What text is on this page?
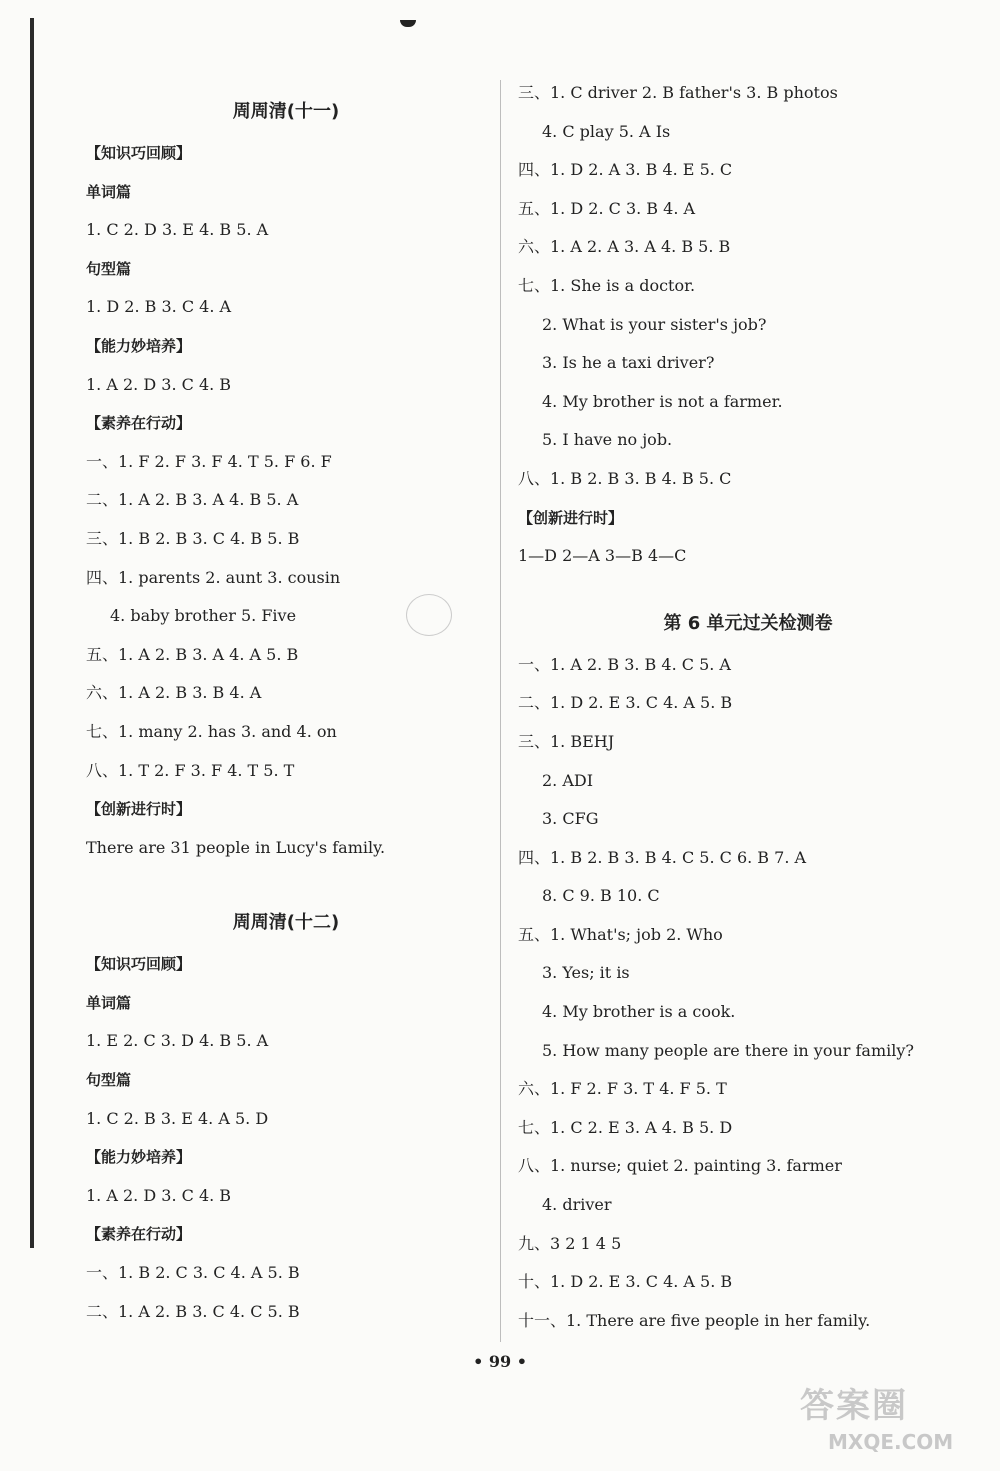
周周清(十一)
【知识巧回顾】
单词篇
1. C 2. D 3. E 4. B 5. A
句型篇
1. D 2. B 3. C 4. A
【能力妙培养】
1. A 2. D 3. C 4. B
【素养在行动】
一、1. F 2. F 3. F 4. T 5. F 6. F
二、1. A 2. B 3. A 4. B 5. A
三、1. B 2. B 3. C 4. B 5. B
四、1. parents 2. aunt 3. cousin
4. baby brother 5. Five
五、1. A 2. B 3. A 4. A 5. B
六、1. A 2. B 3. B 4. A
七、1. many 2. has 3. and 4. on
八、1. T 2. F 3. F 4. T 5. T
【创新进行时】
There are 31 people in Lucy's family.
周周清(十二)
【知识巧回顾】
单词篇
1. E 2. C 3. D 4. B 5. A
句型篇
1. C 2. B 3. E 4. A 5. D
【能力妙培养】
1. A 2. D 3. C 4. B
【素养在行动】
一、1. B 2. C 3. C 4. A 5. B
二、1. A 2. B 3. C 4. C 5. B
三、1. C driver 2. B father's 3. B photos
4. C play 5. A Is
四、1. D 2. A 3. B 4. E 5. C
五、1. D 2. C 3. B 4. A
六、1. A 2. A 3. A 4. B 5. B
七、1. She is a doctor.
2. What is your sister's job?
3. Is he a taxi driver?
4. My brother is not a farmer.
5. I have no job.
八、1. B 2. B 3. B 4. B 5. C
【创新进行时】
1—D 2—A 3—B 4—C
第 6 单元过关检测卷
一、1. A 2. B 3. B 4. C 5. A
二、1. D 2. E 3. C 4. A 5. B
三、1. BEHJ
2. ADI
3. CFG
四、1. B 2. B 3. B 4. C 5. C 6. B 7. A
8. C 9. B 10. C
五、1. What's; job 2. Who
3. Yes; it is
4. My brother is a cook.
5. How many people are there in your family?
六、1. F 2. F 3. T 4. F 5. T
七、1. C 2. E 3. A 4. B 5. D
八、1. nurse; quiet 2. painting 3. farmer
4. driver
九、3 2 1 4 5
十、1. D 2. E 3. C 4. A 5. B
十一、1. There are five people in her family.
• 99 •
答案圈
MXQE.COM
